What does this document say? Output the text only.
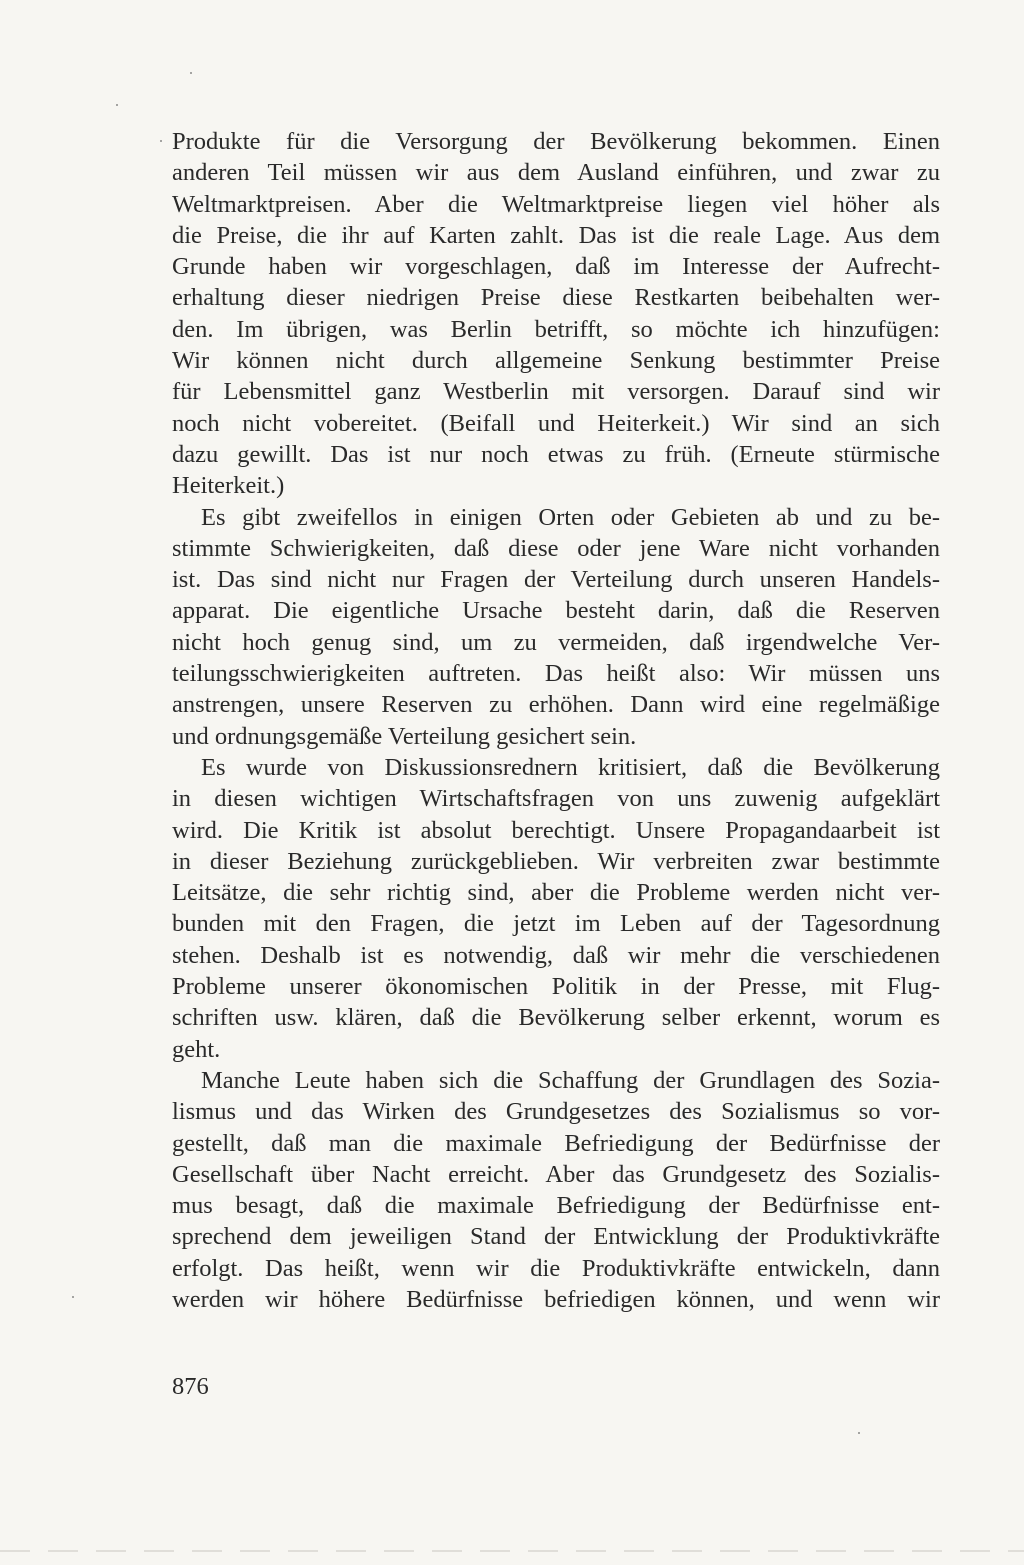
Produkte für die Versorgung der Bevölkerung bekommen. Einen
anderen Teil müssen wir aus dem Ausland einführen, und zwar zu
Weltmarktpreisen. Aber die Weltmarktpreise liegen viel höher als
die Preise, die ihr auf Karten zahlt. Das ist die reale Lage. Aus dem
Grunde haben wir vorgeschlagen, daß im Interesse der Aufrecht-
erhaltung dieser niedrigen Preise diese Restkarten beibehalten wer-
den. Im übrigen, was Berlin betrifft, so möchte ich hinzufügen:
Wir können nicht durch allgemeine Senkung bestimmter Preise
für Lebensmittel ganz Westberlin mit versorgen. Darauf sind wir
noch nicht vobereitet. (Beifall und Heiterkeit.) Wir sind an sich
dazu gewillt. Das ist nur noch etwas zu früh. (Erneute stürmische
Heiterkeit.)
Es gibt zweifellos in einigen Orten oder Gebieten ab und zu be-
stimmte Schwierigkeiten, daß diese oder jene Ware nicht vorhanden
ist. Das sind nicht nur Fragen der Verteilung durch unseren Handels-
apparat. Die eigentliche Ursache besteht darin, daß die Reserven
nicht hoch genug sind, um zu vermeiden, daß irgendwelche Ver-
teilungsschwierigkeiten auftreten. Das heißt also: Wir müssen uns
anstrengen, unsere Reserven zu erhöhen. Dann wird eine regelmäßige
und ordnungsgemäße Verteilung gesichert sein.
Es wurde von Diskussionsrednern kritisiert, daß die Bevölkerung
in diesen wichtigen Wirtschaftsfragen von uns zuwenig aufgeklärt
wird. Die Kritik ist absolut berechtigt. Unsere Propagandaarbeit ist
in dieser Beziehung zurückgeblieben. Wir verbreiten zwar bestimmte
Leitsätze, die sehr richtig sind, aber die Probleme werden nicht ver-
bunden mit den Fragen, die jetzt im Leben auf der Tagesordnung
stehen. Deshalb ist es notwendig, daß wir mehr die verschiedenen
Probleme unserer ökonomischen Politik in der Presse, mit Flug-
schriften usw. klären, daß die Bevölkerung selber erkennt, worum es
geht.
Manche Leute haben sich die Schaffung der Grundlagen des Sozia-
lismus und das Wirken des Grundgesetzes des Sozialismus so vor-
gestellt, daß man die maximale Befriedigung der Bedürfnisse der
Gesellschaft über Nacht erreicht. Aber das Grundgesetz des Sozialis-
mus besagt, daß die maximale Befriedigung der Bedürfnisse ent-
sprechend dem jeweiligen Stand der Entwicklung der Produktivkräfte
erfolgt. Das heißt, wenn wir die Produktivkräfte entwickeln, dann
werden wir höhere Bedürfnisse befriedigen können, und wenn wir
876
